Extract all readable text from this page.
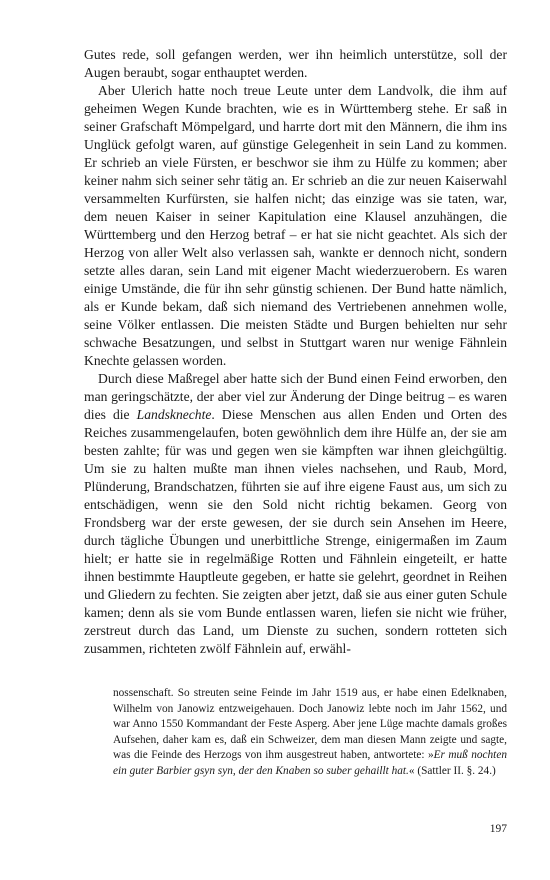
Gutes rede, soll gefangen werden, wer ihn heimlich unterstütze, soll der Augen beraubt, sogar enthauptet werden.

Aber Ulerich hatte noch treue Leute unter dem Landvolk, die ihm auf geheimen Wegen Kunde brachten, wie es in Württemberg stehe. Er saß in seiner Grafschaft Mömpelgard, und harrte dort mit den Männern, die ihm ins Unglück gefolgt waren, auf günstige Gelegenheit in sein Land zu kommen. Er schrieb an viele Fürsten, er beschwor sie ihm zu Hülfe zu kommen; aber keiner nahm sich seiner sehr tätig an. Er schrieb an die zur neuen Kaiserwahl versammelten Kurfürsten, sie halfen nicht; das einzige was sie taten, war, dem neuen Kaiser in seiner Kapitulation eine Klausel anzuhängen, die Württemberg und den Herzog betraf – er hat sie nicht geachtet. Als sich der Herzog von aller Welt also verlassen sah, wankte er dennoch nicht, sondern setzte alles daran, sein Land mit eigener Macht wiederzuerobern. Es waren einige Umstände, die für ihn sehr günstig schienen. Der Bund hatte nämlich, als er Kunde bekam, daß sich niemand des Vertriebenen annehmen wolle, seine Völker entlassen. Die meisten Städte und Burgen behielten nur sehr schwache Besatzungen, und selbst in Stuttgart waren nur wenige Fähnlein Knechte gelassen worden.

Durch diese Maßregel aber hatte sich der Bund einen Feind erworben, den man geringschätzte, der aber viel zur Änderung der Dinge beitrug – es waren dies die Landsknechte. Diese Menschen aus allen Enden und Orten des Reiches zusammengelaufen, boten gewöhnlich dem ihre Hülfe an, der sie am besten zahlte; für was und gegen wen sie kämpften war ihnen gleichgültig. Um sie zu halten mußte man ihnen vieles nachsehen, und Raub, Mord, Plünderung, Brandschatzen, führten sie auf ihre eigene Faust aus, um sich zu entschädigen, wenn sie den Sold nicht richtig bekamen. Georg von Frondsberg war der erste gewesen, der sie durch sein Ansehen im Heere, durch tägliche Übungen und unerbittliche Strenge, einigermaßen im Zaum hielt; er hatte sie in regelmäßige Rotten und Fähnlein eingeteilt, er hatte ihnen bestimmte Hauptleute gegeben, er hatte sie gelehrt, geordnet in Reihen und Gliedern zu fechten. Sie zeigten aber jetzt, daß sie aus einer guten Schule kamen; denn als sie vom Bunde entlassen waren, liefen sie nicht wie früher, zerstreut durch das Land, um Dienste zu suchen, sondern rotteten sich zusammen, richteten zwölf Fähnlein auf, erwähl-

nossenschaft. So streuten seine Feinde im Jahr 1519 aus, er habe einen Edelknaben, Wilhelm von Janowiz entzweigehauen. Doch Janowiz lebte noch im Jahr 1562, und war Anno 1550 Kommandant der Feste Asperg. Aber jene Lüge machte damals großes Aufsehen, daher kam es, daß ein Schweizer, dem man diesen Mann zeigte und sagte, was die Feinde des Herzogs von ihm ausgestreut haben, antwortete: »Er muß nochten ein guter Barbier gsyn syn, der den Knaben so suber gehaillt hat.« (Sattler II. §. 24.)

197
